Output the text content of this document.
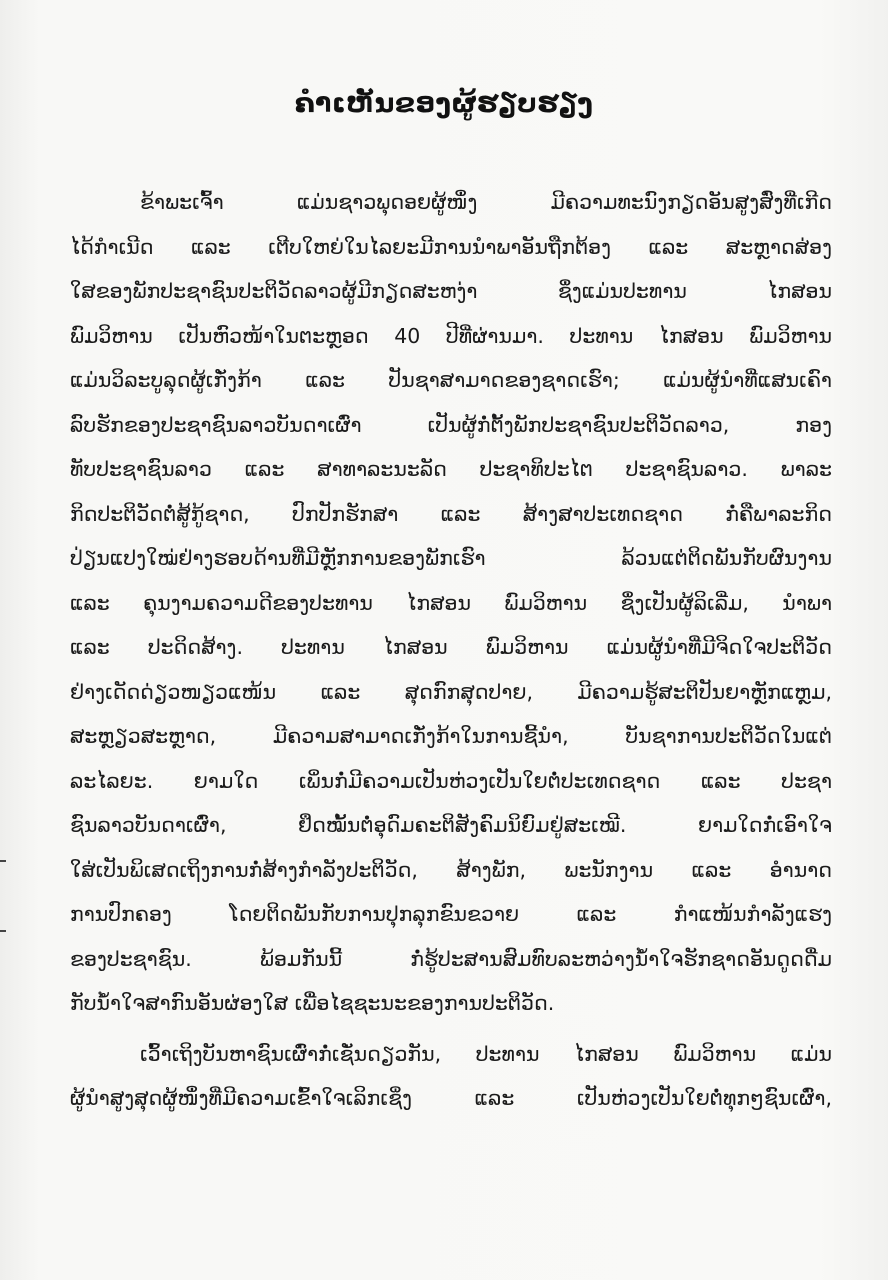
ຄຳເຫັນຂອງຜູ້ຮຽບຮຽງ
ຂ້າພະເຈົ້າ ແມ່ນຊາວພຸດອຍຜູ້ໜຶ່ງ ມີຄວາມທະນົງກຽດອັນສູງສົ່ງທີ່ເກີດ
ໄດ້ກຳເນີດ ແລະ ເຕີບໃຫຍ່ໃນໄລຍະມີການນຳພາອັນຖືກຕ້ອງ ແລະ ສະຫຼາດສ່ອງ
ໃສຂອງພັກປະຊາຊົນປະຕິວັດລາວຜູ້ມີກຽດສະຫງ່າ ຊຶ່ງແມ່ນປະທານ ໄກສອນ
ພົມວິຫານ ເປັນຫົວໜ້າໃນຕະຫຼອດ 40 ປີທີ່ຜ່ານມາ. ປະທານ ໄກສອນ ພົມວິຫານ
ແມ່ນວິລະບູລຸດຜູ້ເກັ່ງກ້າ ແລະ ປັນຊາສາມາດຂອງຊາດເຮົາ; ແມ່ນຜູ້ນຳທີ່ແສນເຄົາ
ລົບຮັກຂອງປະຊາຊົນລາວບັນດາເຜົ່າ ເປັນຜູ້ກໍ່ຕັ້ງພັກປະຊາຊົນປະຕິວັດລາວ, ກອງ
ທັບປະຊາຊົນລາວ ແລະ ສາທາລະນະລັດ ປະຊາທິປະໄຕ ປະຊາຊົນລາວ. ພາລະ
ກິດປະຕິວັດຕໍ່ສູ້ກູ້ຊາດ, ປົກປັກຮັກສາ ແລະ ສ້າງສາປະເທດຊາດ ກໍ່ຄືພາລະກິດ
ປ່ຽນແປງໃໝ່ຢ່າງຮອບດ້ານທີ່ມີຫຼັກການຂອງພັກເຮົາ ລ້ວນແຕ່ຕິດພັນກັບຜົນງານ
ແລະ ຄຸນງາມຄວາມດີຂອງປະທານ ໄກສອນ ພົມວິຫານ ຊຶ່ງເປັນຜູ້ລິເລີ່ມ, ນຳພາ
ແລະ ປະດິດສ້າງ. ປະທານ ໄກສອນ ພົມວິຫານ ແມ່ນຜູ້ນຳທີ່ມີຈິດໃຈປະຕິວັດ
ຢ່າງເດັດດ່ຽວໜຽວແໜ້ນ ແລະ ສຸດກົກສຸດປາຍ, ມີຄວາມຮູ້ສະຕິປັນຍາຫຼັກແຫຼມ,
ສະຫຼຽວສະຫຼາດ, ມີຄວາມສາມາດເກັ່ງກ້າໃນການຊີ້ນຳ, ບັນຊາການປະຕິວັດໃນແຕ່
ລະໄລຍະ. ຍາມໃດ ເພິ່ນກໍ່ມີຄວາມເປັນຫ່ວງເປັນໃຍຕໍ່ປະເທດຊາດ ແລະ ປະຊາ
ຊົນລາວບັນດາເຜົ່າ, ຢຶດໝັ້ນຕໍ່ອຸດົມຄະຕິສັງຄົມນິຍົມຢູ່ສະເໝີ. ຍາມໃດກໍ່ເອົາໃຈ
ໃສ່ເປັນພິເສດເຖິງການກໍ່ສ້າງກຳລັງປະຕິວັດ, ສ້າງພັກ, ພະນັກງານ ແລະ ອຳນາດ
ການປົກຄອງ ໂດຍຕິດພັນກັບການປຸກລຸກຂົນຂວາຍ ແລະ ກຳແໜ້ນກຳລັງແຮງ
ຂອງປະຊາຊົນ. ພ້ອມກັນນີ້ ກໍ່ຮູ້ປະສານສົມທົບລະຫວ່າງນ້ຳໃຈຮັກຊາດອັນດູດດື່ມ
ກັບນ້ຳໃຈສາກົນອັນຜ່ອງໃສ ເພື່ອໄຊຊະນະຂອງການປະຕິວັດ.
ເວົ້າເຖິງບັນຫາຊົນເຜົ່າກໍ່ເຊັ່ນດຽວກັນ, ປະທານ ໄກສອນ ພົມວິຫານ ແມ່ນ
ຜູ້ນຳສູງສຸດຜູ້ໜຶ່ງທີ່ມີຄວາມເຂົ້າໃຈເລິກເຊິ່ງ ແລະ ເປັນຫ່ວງເປັນໃຍຕໍ່ທຸກໆຊົນເຜົ່າ,
